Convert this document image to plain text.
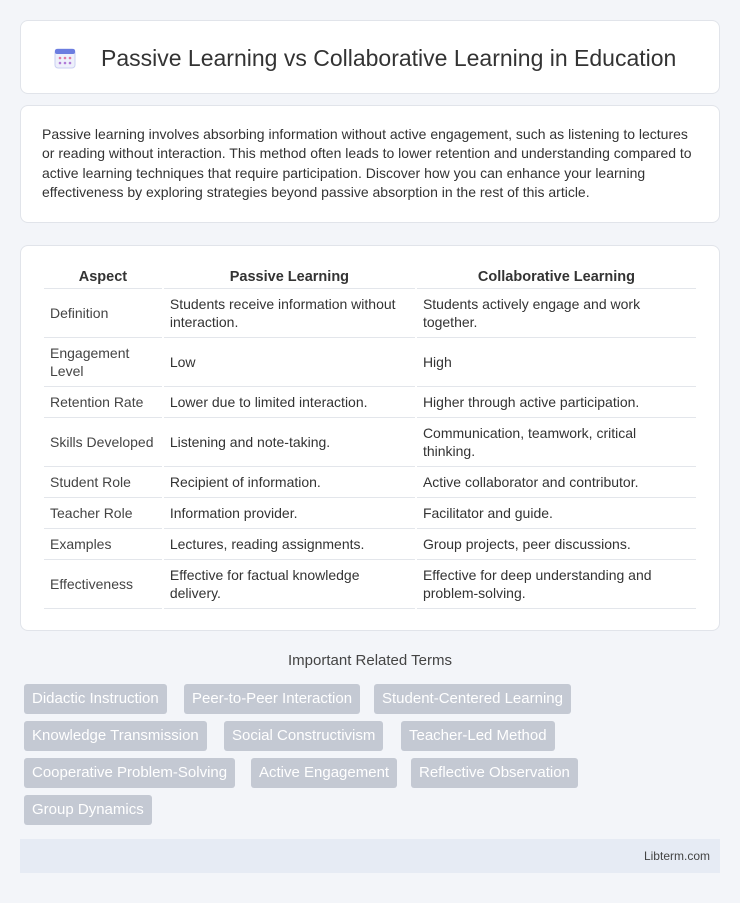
Passive Learning vs Collaborative Learning in Education

Passive learning involves absorbing information without active engagement, such as listening to lectures or reading without interaction. This method often leads to lower retention and understanding compared to active learning techniques that require participation. Discover how you can enhance your learning effectiveness by exploring strategies beyond passive absorption in the rest of this article.

Aspect	Passive Learning	Collaborative Learning
Definition	Students receive information without interaction.	Students actively engage and work together.
Engagement Level	Low	High
Retention Rate	Lower due to limited interaction.	Higher through active participation.
Skills Developed	Listening and note-taking.	Communication, teamwork, critical thinking.
Student Role	Recipient of information.	Active collaborator and contributor.
Teacher Role	Information provider.	Facilitator and guide.
Examples	Lectures, reading assignments.	Group projects, peer discussions.
Effectiveness	Effective for factual knowledge delivery.	Effective for deep understanding and problem-solving.
Important Related Terms
Didactic Instruction	Peer-to-Peer Interaction	Student-Centered Learning
Knowledge Transmission	Social Constructivism	Teacher-Led Method
Cooperative Problem-Solving	Active Engagement	Reflective Observation
Group Dynamics
Libterm.com
